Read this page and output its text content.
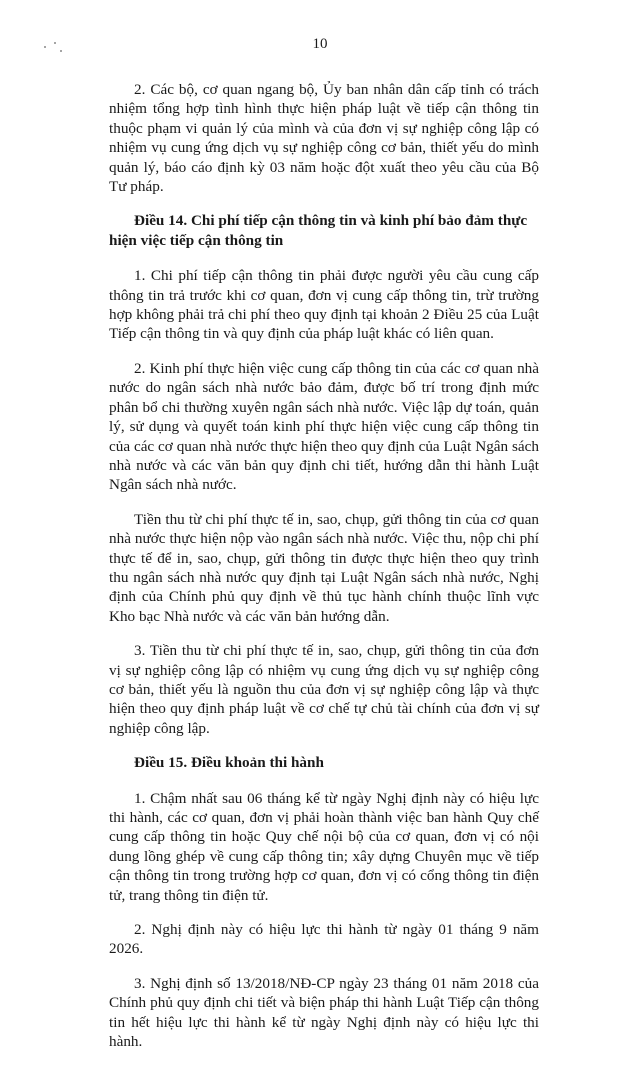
10

2. Các bộ, cơ quan ngang bộ, Ủy ban nhân dân cấp tỉnh có trách nhiệm tổng hợp tình hình thực hiện pháp luật về tiếp cận thông tin thuộc phạm vi quản lý của mình và của đơn vị sự nghiệp công lập có nhiệm vụ cung ứng dịch vụ sự nghiệp công cơ bản, thiết yếu do mình quản lý, báo cáo định kỳ 03 năm hoặc đột xuất theo yêu cầu của Bộ Tư pháp.

Điều 14. Chi phí tiếp cận thông tin và kinh phí bảo đảm thực hiện việc tiếp cận thông tin

1. Chi phí tiếp cận thông tin phải được người yêu cầu cung cấp thông tin trả trước khi cơ quan, đơn vị cung cấp thông tin, trừ trường hợp không phải trả chi phí theo quy định tại khoản 2 Điều 25 của Luật Tiếp cận thông tin và quy định của pháp luật khác có liên quan.

2. Kinh phí thực hiện việc cung cấp thông tin của các cơ quan nhà nước do ngân sách nhà nước bảo đảm, được bố trí trong định mức phân bổ chi thường xuyên ngân sách nhà nước. Việc lập dự toán, quản lý, sử dụng và quyết toán kinh phí thực hiện việc cung cấp thông tin của các cơ quan nhà nước thực hiện theo quy định của Luật Ngân sách nhà nước và các văn bản quy định chi tiết, hướng dẫn thi hành Luật Ngân sách nhà nước.

Tiền thu từ chi phí thực tế in, sao, chụp, gửi thông tin của cơ quan nhà nước thực hiện nộp vào ngân sách nhà nước. Việc thu, nộp chi phí thực tế để in, sao, chụp, gửi thông tin được thực hiện theo quy trình thu ngân sách nhà nước quy định tại Luật Ngân sách nhà nước, Nghị định của Chính phủ quy định về thủ tục hành chính thuộc lĩnh vực Kho bạc Nhà nước và các văn bản hướng dẫn.

3. Tiền thu từ chi phí thực tế in, sao, chụp, gửi thông tin của đơn vị sự nghiệp công lập có nhiệm vụ cung ứng dịch vụ sự nghiệp công cơ bản, thiết yếu là nguồn thu của đơn vị sự nghiệp công lập và thực hiện theo quy định pháp luật về cơ chế tự chủ tài chính của đơn vị sự nghiệp công lập.

Điều 15. Điều khoản thi hành

1. Chậm nhất sau 06 tháng kể từ ngày Nghị định này có hiệu lực thi hành, các cơ quan, đơn vị phải hoàn thành việc ban hành Quy chế cung cấp thông tin hoặc Quy chế nội bộ của cơ quan, đơn vị có nội dung lồng ghép về cung cấp thông tin; xây dựng Chuyên mục về tiếp cận thông tin trong trường hợp cơ quan, đơn vị có cổng thông tin điện tử, trang thông tin điện tử.

2. Nghị định này có hiệu lực thi hành từ ngày 01 tháng 9 năm 2026.

3. Nghị định số 13/2018/NĐ-CP ngày 23 tháng 01 năm 2018 của Chính phủ quy định chi tiết và biện pháp thi hành Luật Tiếp cận thông tin hết hiệu lực thi hành kể từ ngày Nghị định này có hiệu lực thi hành.
